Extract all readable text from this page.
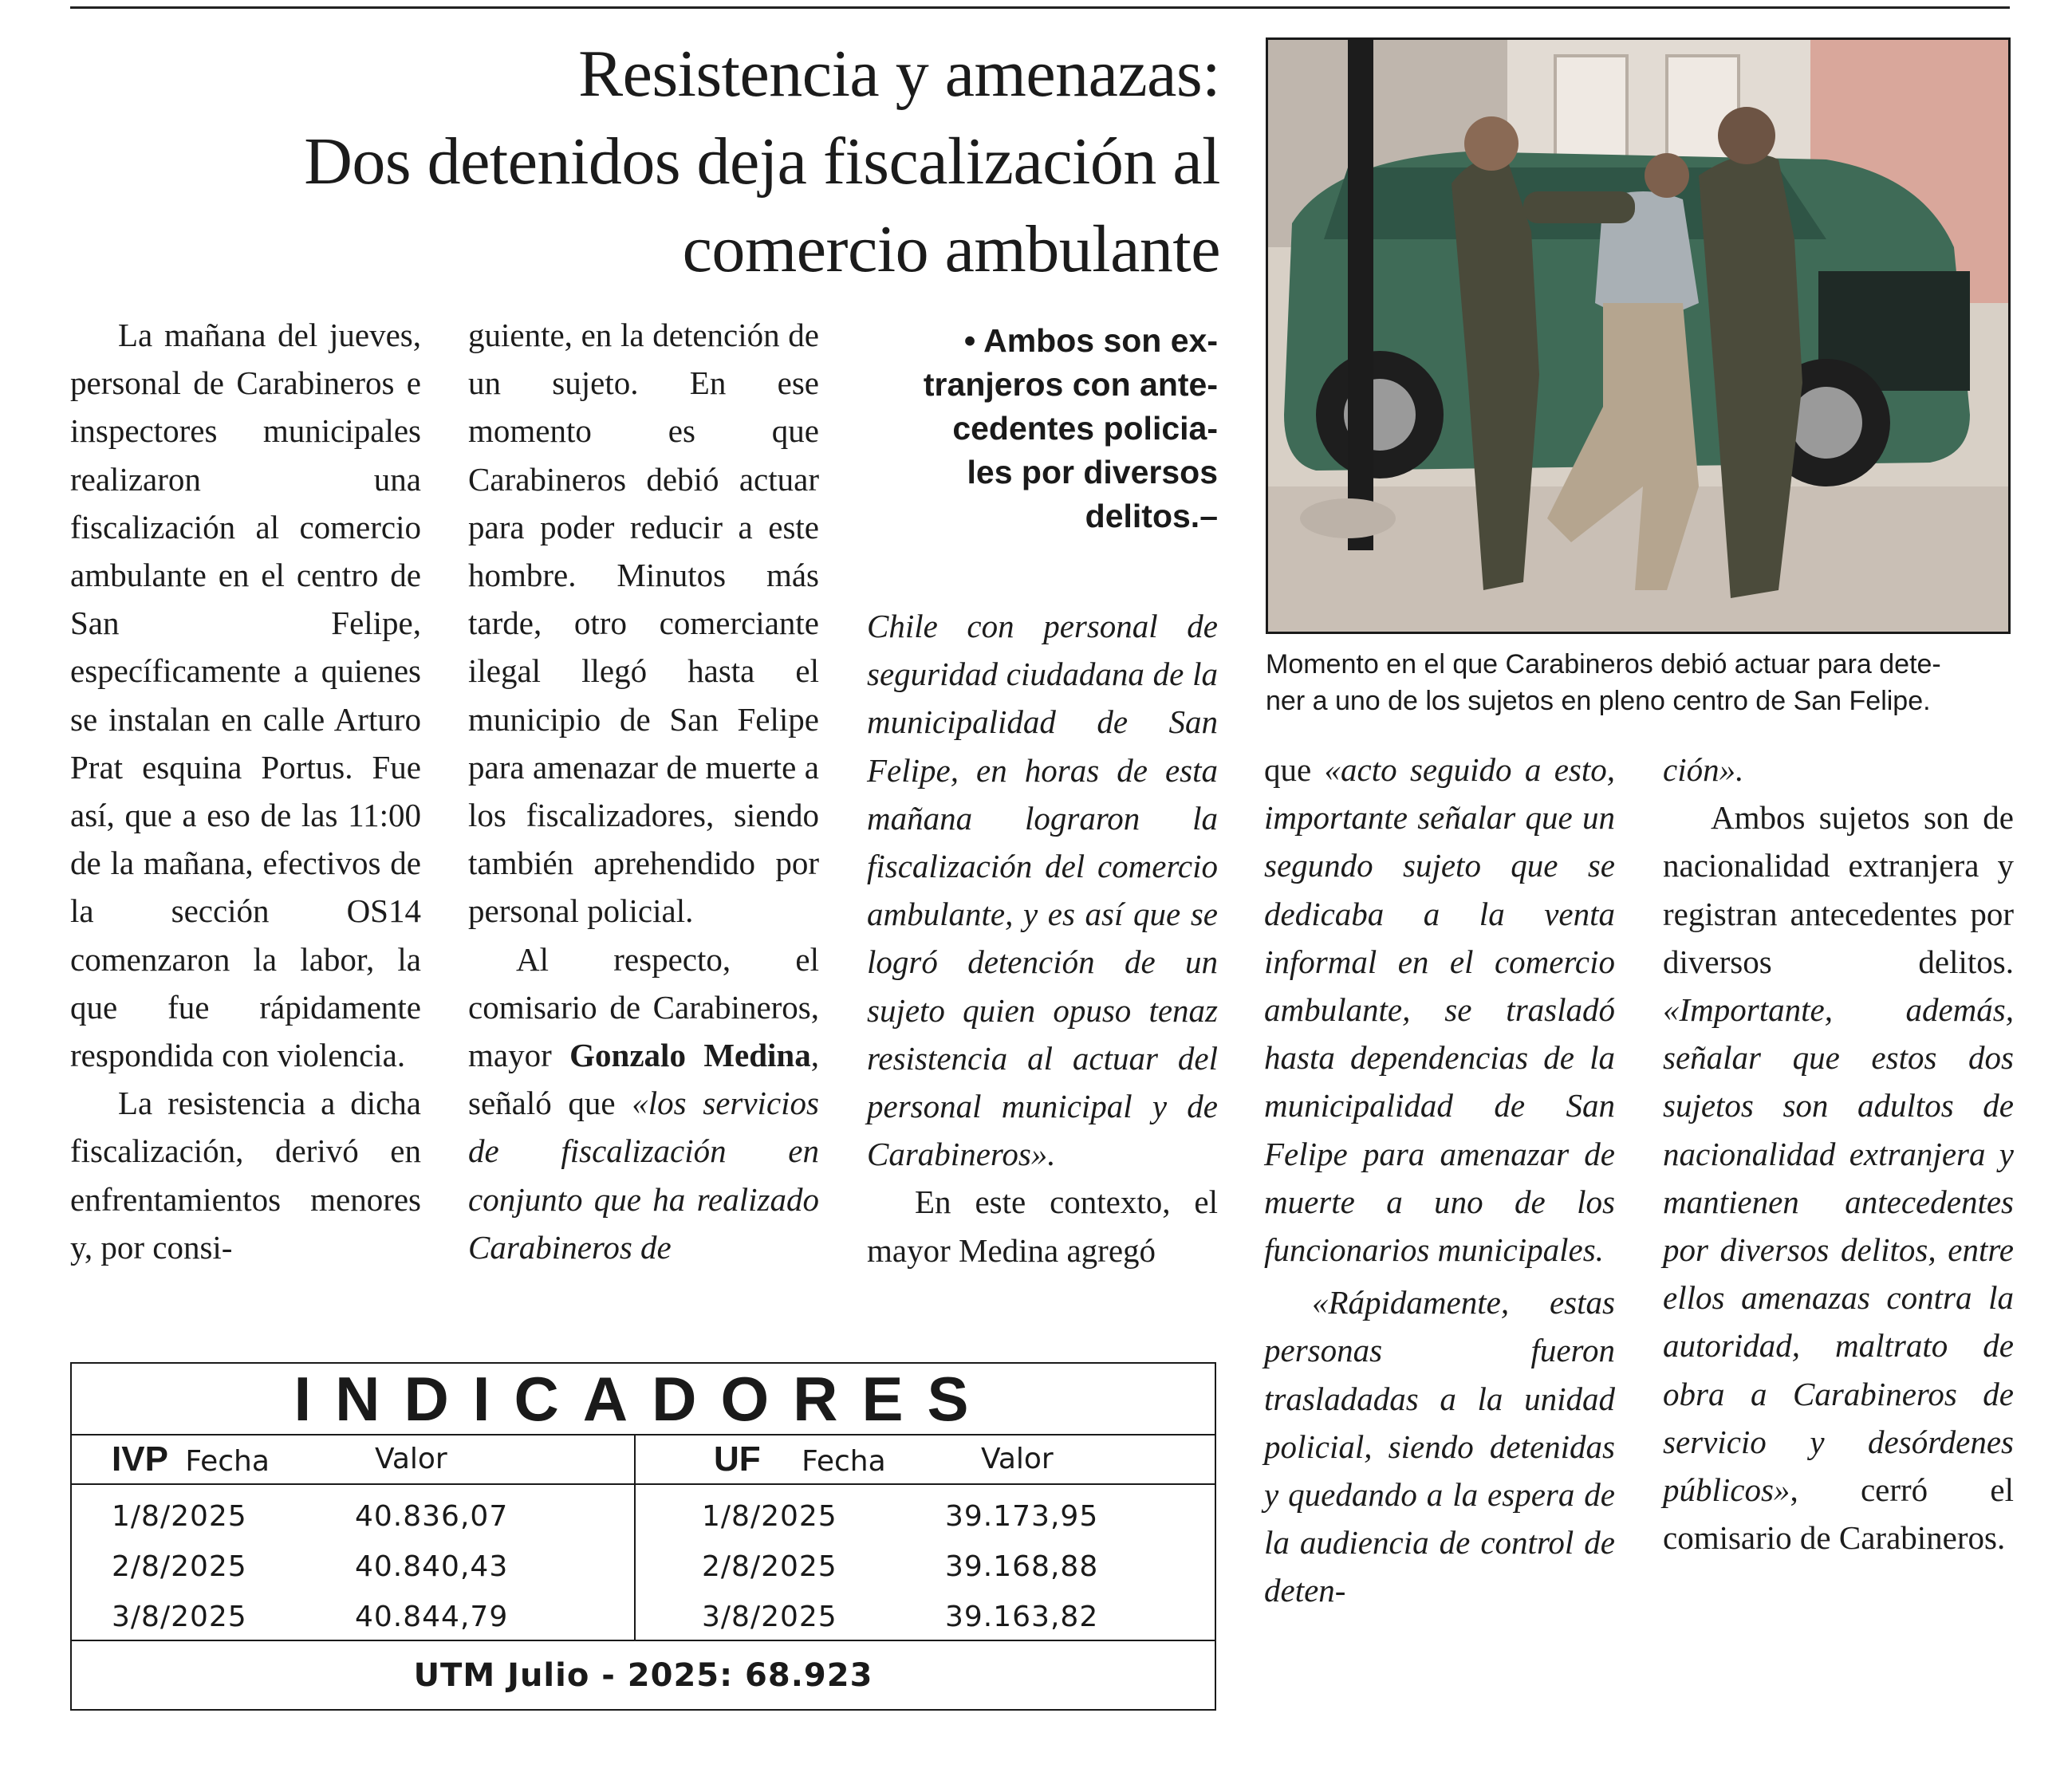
Resistencia y amenazas:
Dos detenidos deja fiscalización al
comercio ambulante

La mañana del jueves, personal de Carabineros e inspectores municipales realizaron una fiscalización al comercio ambulante en el centro de San Felipe, específicamente a quienes se instalan en calle Arturo Prat esquina Portus. Fue así, que a eso de las 11:00 de la mañana, efectivos de la sección OS14 comenzaron la labor, la que fue rápidamente respondida con violencia.

La resistencia a dicha fiscalización, derivó en enfrentamientos menores y, por consi-

guiente, en la detención de un sujeto. En ese momento es que Carabineros debió actuar para poder reducir a este hombre. Minutos más tarde, otro comerciante ilegal llegó hasta el municipio de San Felipe para amenazar de muerte a los fiscalizadores, siendo también aprehendido por personal policial.

Al respecto, el comisario de Carabineros, mayor Gonzalo Medina, señaló que «los servicios de fiscalización en conjunto que ha realizado Carabineros de

• Ambos son ex-
tranjeros con ante-
cedentes policia-
les por diversos
delitos.–

Chile con personal de seguridad ciudadana de la municipalidad de San Felipe, en horas de esta mañana lograron la fiscalización del comercio ambulante, y es así que se logró detención de un sujeto quien opuso tenaz resistencia al actuar del personal municipal y de Carabineros».

En este contexto, el mayor Medina agregó

Momento en el que Carabineros debió actuar para dete-
ner a uno de los sujetos en pleno centro de San Felipe.

que «acto seguido a esto, importante señalar que un segundo sujeto que se dedicaba a la venta informal en el comercio ambulante, se trasladó hasta dependencias de la municipalidad de San Felipe para amenazar de muerte a uno de los funcionarios municipales.

«Rápidamente, estas personas fueron trasladadas a la unidad policial, siendo detenidas y quedando a la espera de la audiencia de control de deten-

ción».

Ambos sujetos son de nacionalidad extranjera y registran antecedentes por diversos delitos. «Importante, además, señalar que estos dos sujetos son adultos de nacionalidad extranjera y mantienen antecedentes por diversos delitos, entre ellos amenazas contra la autoridad, maltrato de obra a Carabineros de servicio y desórdenes públicos», cerró el comisario de Carabineros.

INDICADORES
IVP Fecha	Valor	UF Fecha	Valor
1/8/2025	40.836,07
2/8/2025	40.840,43
3/8/2025	40.844,79
1/8/2025	39.173,95
2/8/2025	39.168,88
3/8/2025	39.163,82
UTM Julio - 2025: 68.923
